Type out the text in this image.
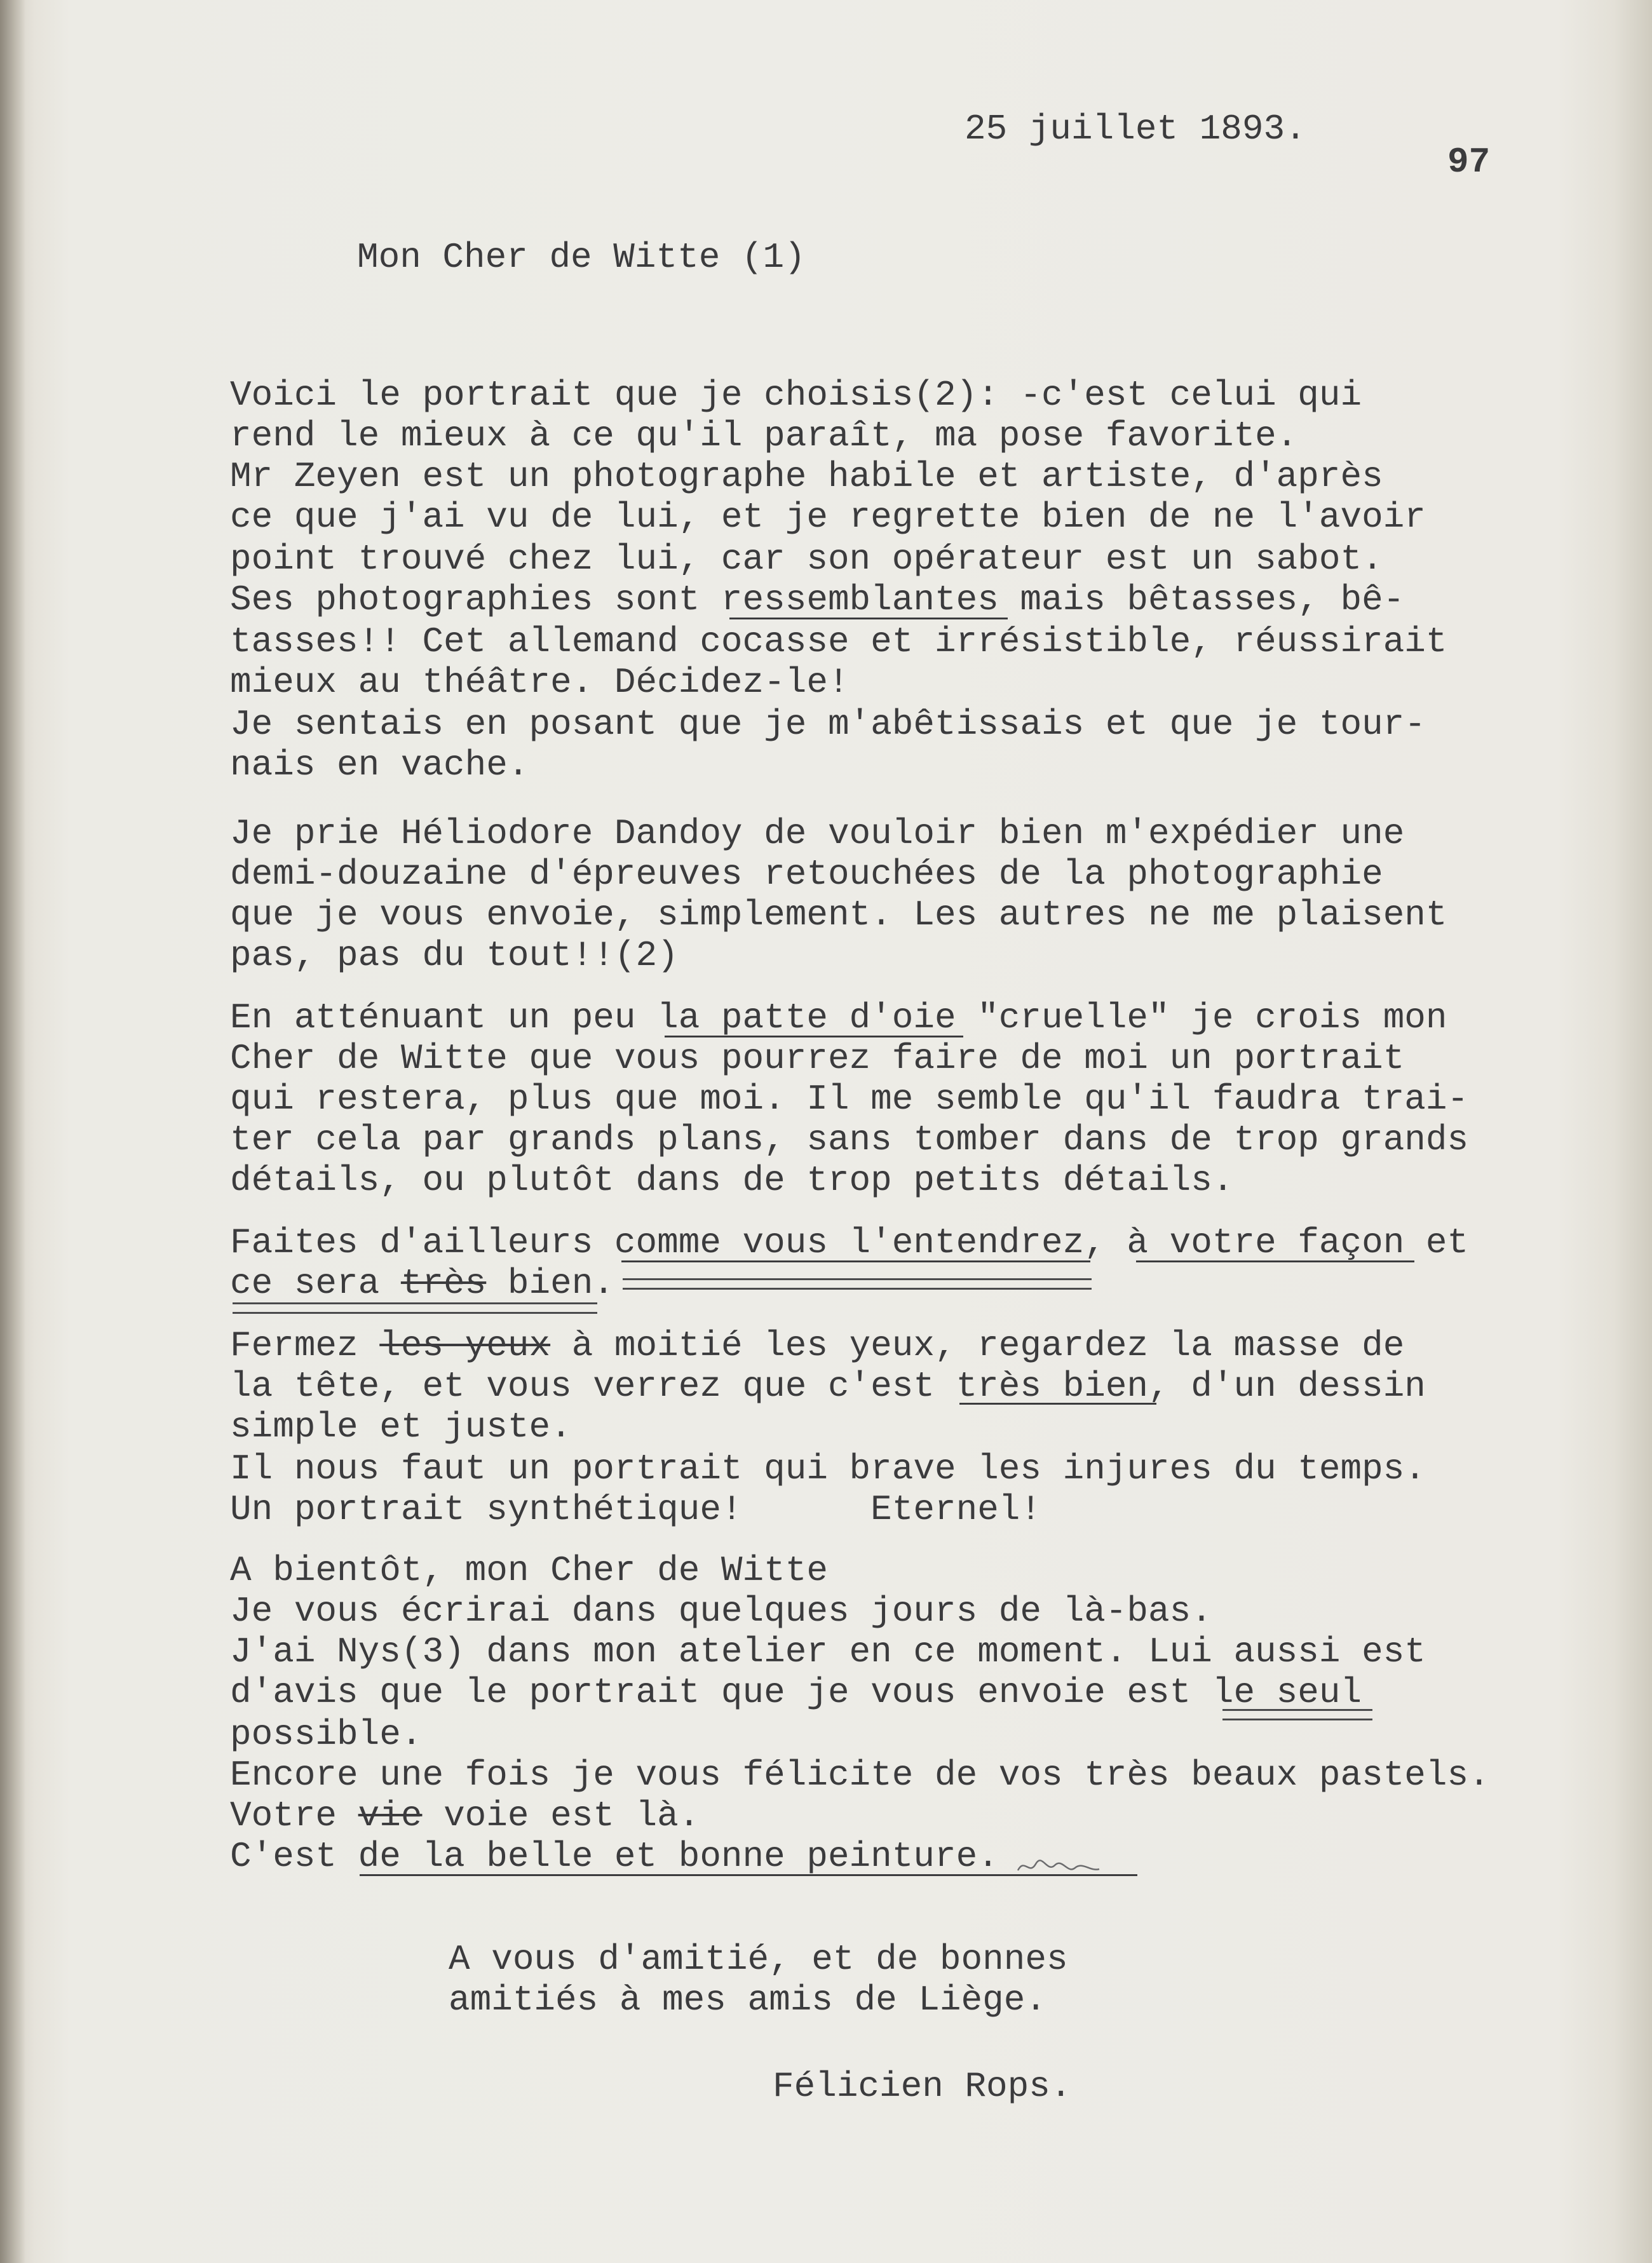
25 juillet 1893.
97
Mon Cher de Witte (1)
Voici le portrait que je choisis(2): -c'est celui qui
rend le mieux à ce qu'il paraît, ma pose favorite.
Mr Zeyen est un photographe habile et artiste, d'après
ce que j'ai vu de lui, et je regrette bien de ne l'avoir
point trouvé chez lui, car son opérateur est un sabot.
Ses photographies sont ressemblantes mais bêtasses, bê-
tasses!! Cet allemand cocasse et irrésistible, réussirait
mieux au théâtre. Décidez-le!
Je sentais en posant que je m'abêtissais et que je tour-
nais en vache.
Je prie Héliodore Dandoy de vouloir bien m'expédier une
demi-douzaine d'épreuves retouchées de la photographie
que je vous envoie, simplement. Les autres ne me plaisent
pas, pas du tout!!(2)
En atténuant un peu la patte d'oie "cruelle" je crois mon
Cher de Witte que vous pourrez faire de moi un portrait
qui restera, plus que moi. Il me semble qu'il faudra trai-
ter cela par grands plans, sans tomber dans de trop grands
détails, ou plutôt dans de trop petits détails.
Faites d'ailleurs comme vous l'entendrez, à votre façon et
ce sera très bien.
Fermez les yeux à moitié les yeux, regardez la masse de
la tête, et vous verrez que c'est très bien, d'un dessin
simple et juste.
Il nous faut un portrait qui brave les injures du temps.
Un portrait synthétique!      Eternel!
A bientôt, mon Cher de Witte
Je vous écrirai dans quelques jours de là-bas.
J'ai Nys(3) dans mon atelier en ce moment. Lui aussi est
d'avis que le portrait que je vous envoie est le seul
possible.
Encore une fois je vous félicite de vos très beaux pastels.
Votre vie voie est là.
C'est de la belle et bonne peinture.
A vous d'amitié, et de bonnes
amitiés à mes amis de Liège.
Félicien Rops.
